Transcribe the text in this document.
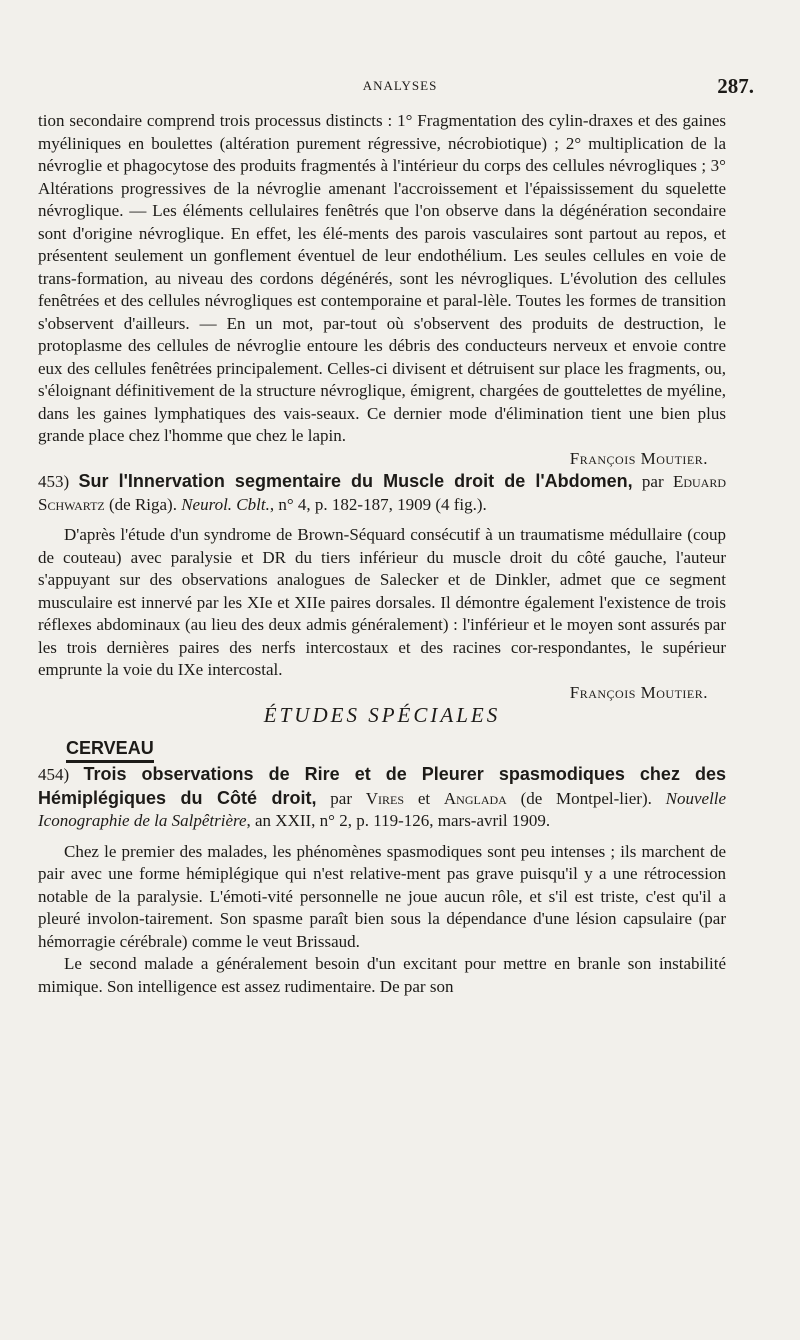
ANALYSES	287.

tion secondaire comprend trois processus distincts : 1° Fragmentation des cylin-draxes et des gaines myéliniques en boulettes (altération purement régressive, nécrobiotique) ; 2° multiplication de la névroglie et phagocytose des produits fragmentés à l'intérieur du corps des cellules névrogliques ; 3° Altérations progressives de la névroglie amenant l'accroissement et l'épaississement du squelette névroglique. — Les éléments cellulaires fenêtrés que l'on observe dans la dégénération secondaire sont d'origine névroglique. En effet, les élé-ments des parois vasculaires sont partout au repos, et présentent seulement un gonflement éventuel de leur endothélium. Les seules cellules en voie de trans-formation, au niveau des cordons dégénérés, sont les névrogliques. L'évolution des cellules fenêtrées et des cellules névrogliques est contemporaine et paral-lèle. Toutes les formes de transition s'observent d'ailleurs. — En un mot, par-tout où s'observent des produits de destruction, le protoplasme des cellules de névroglie entoure les débris des conducteurs nerveux et envoie contre eux des cellules fenêtrées principalement. Celles-ci divisent et détruisent sur place les fragments, ou, s'éloignant définitivement de la structure névroglique, émigrent, chargées de gouttelettes de myéline, dans les gaines lymphatiques des vais-seaux. Ce dernier mode d'élimination tient une bien plus grande place chez l'homme que chez le lapin.

François Moutier.

453) Sur l'Innervation segmentaire du Muscle droit de l'Abdomen, par Eduard Schwartz (de Riga). Neurol. Cblt., n° 4, p. 182-187, 1909 (4 fig.).

D'après l'étude d'un syndrome de Brown-Séquard consécutif à un traumatisme médullaire (coup de couteau) avec paralysie et DR du tiers inférieur du muscle droit du côté gauche, l'auteur s'appuyant sur des observations analogues de Salecker et de Dinkler, admet que ce segment musculaire est innervé par les XIe et XIIe paires dorsales. Il démontre également l'existence de trois réflexes abdominaux (au lieu des deux admis généralement) : l'inférieur et le moyen sont assurés par les trois dernières paires des nerfs intercostaux et des racines cor-respondantes, le supérieur emprunte la voie du IXe intercostal.

François Moutier.

ÉTUDES SPÉCIALES

CERVEAU

454) Trois observations de Rire et de Pleurer spasmodiques chez des Hémiplégiques du Côté droit, par Vires et Anglada (de Montpel-lier). Nouvelle Iconographie de la Salpêtrière, an XXII, n° 2, p. 119-126, mars-avril 1909.

Chez le premier des malades, les phénomènes spasmodiques sont peu intenses ; ils marchent de pair avec une forme hémiplégique qui n'est relative-ment pas grave puisqu'il y a une rétrocession notable de la paralysie. L'émoti-vité personnelle ne joue aucun rôle, et s'il est triste, c'est qu'il a pleuré involon-tairement. Son spasme paraît bien sous la dépendance d'une lésion capsulaire (par hémorragie cérébrale) comme le veut Brissaud.

Le second malade a généralement besoin d'un excitant pour mettre en branle son instabilité mimique. Son intelligence est assez rudimentaire. De par son
